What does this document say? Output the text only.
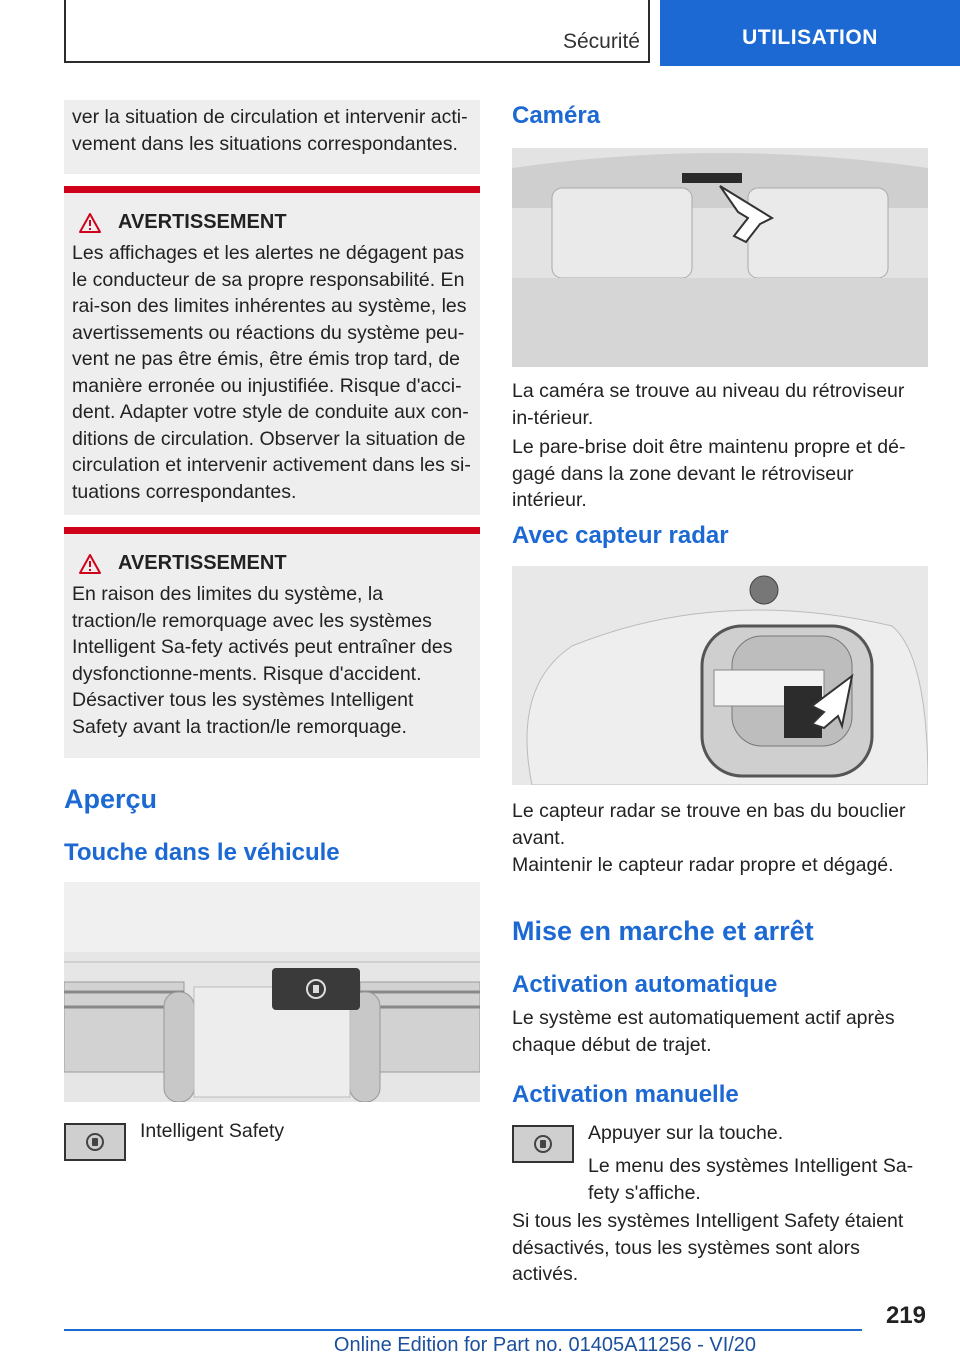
Sécurité	UTILISATION

ver la situation de circulation et intervenir acti-vement dans les situations correspondantes.

AVERTISSEMENT

Les affichages et les alertes ne dégagent pas le conducteur de sa propre responsabilité. En rai-son des limites inhérentes au système, les avertissements ou réactions du système peu-vent ne pas être émis, être émis trop tard, de manière erronée ou injustifiée. Risque d'acci-dent. Adapter votre style de conduite aux con-ditions de circulation. Observer la situation de circulation et intervenir activement dans les si-tuations correspondantes.

AVERTISSEMENT

En raison des limites du système, la traction/le remorquage avec les systèmes Intelligent Sa-fety activés peut entraîner des dysfonctionne-ments. Risque d'accident. Désactiver tous les systèmes Intelligent Safety avant la traction/le remorquage.

Aperçu
Touche dans le véhicule
Intelligent Safety
Caméra

La caméra se trouve au niveau du rétroviseur in-térieur.

Le pare-brise doit être maintenu propre et dé-gagé dans la zone devant le rétroviseur intérieur.

Avec capteur radar

Le capteur radar se trouve en bas du bouclier avant.

Maintenir le capteur radar propre et dégagé.

Mise en marche et arrêt
Activation automatique

Le système est automatiquement actif après chaque début de trajet.

Activation manuelle

Appuyer sur la touche.

Le menu des systèmes Intelligent Sa-fety s'affiche.

Si tous les systèmes Intelligent Safety étaient désactivés, tous les systèmes sont alors activés.

219
Online Edition for Part no. 01405A11256 - VI/20
